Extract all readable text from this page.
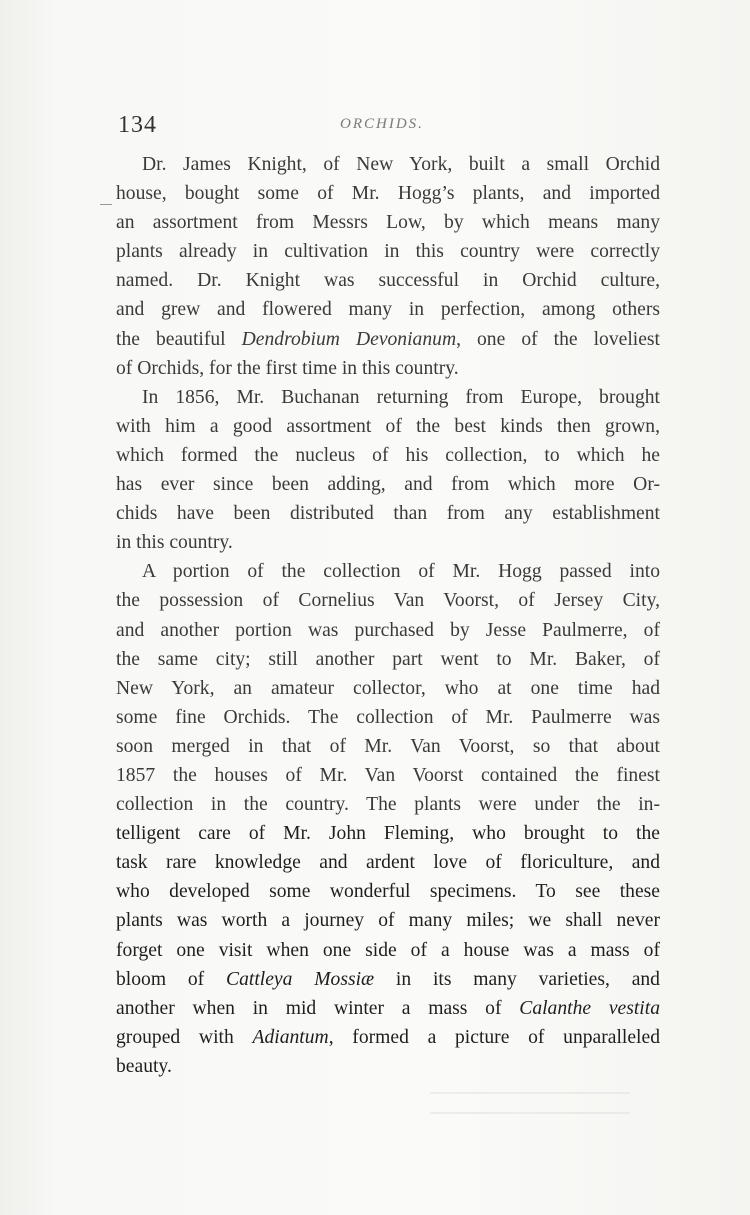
134	ORCHIDS.
Dr. James Knight, of New York, built a small Orchid
house, bought some of Mr. Hogg’s plants, and imported
an assortment from Messrs Low, by which means many
plants already in cultivation in this country were correctly
named. Dr. Knight was successful in Orchid culture,
and grew and flowered many in perfection, among others
the beautiful Dendrobium Devonianum, one of the loveliest
of Orchids, for the first time in this country.
In 1856, Mr. Buchanan returning from Europe, brought
with him a good assortment of the best kinds then grown,
which formed the nucleus of his collection, to which he
has ever since been adding, and from which more Or-
chids have been distributed than from any establishment
in this country.
A portion of the collection of Mr. Hogg passed into
the possession of Cornelius Van Voorst, of Jersey City,
and another portion was purchased by Jesse Paulmerre, of
the same city; still another part went to Mr. Baker, of
New York, an amateur collector, who at one time had
some fine Orchids. The collection of Mr. Paulmerre was
soon merged in that of Mr. Van Voorst, so that about
1857 the houses of Mr. Van Voorst contained the finest
collection in the country. The plants were under the in-
telligent care of Mr. John Fleming, who brought to the
task rare knowledge and ardent love of floriculture, and
who developed some wonderful specimens. To see these
plants was worth a journey of many miles; we shall never
forget one visit when one side of a house was a mass of
bloom of Cattleya Mossiæ in its many varieties, and
another when in mid winter a mass of Calanthe vestita
grouped with Adiantum, formed a picture of unparalleled
beauty.
